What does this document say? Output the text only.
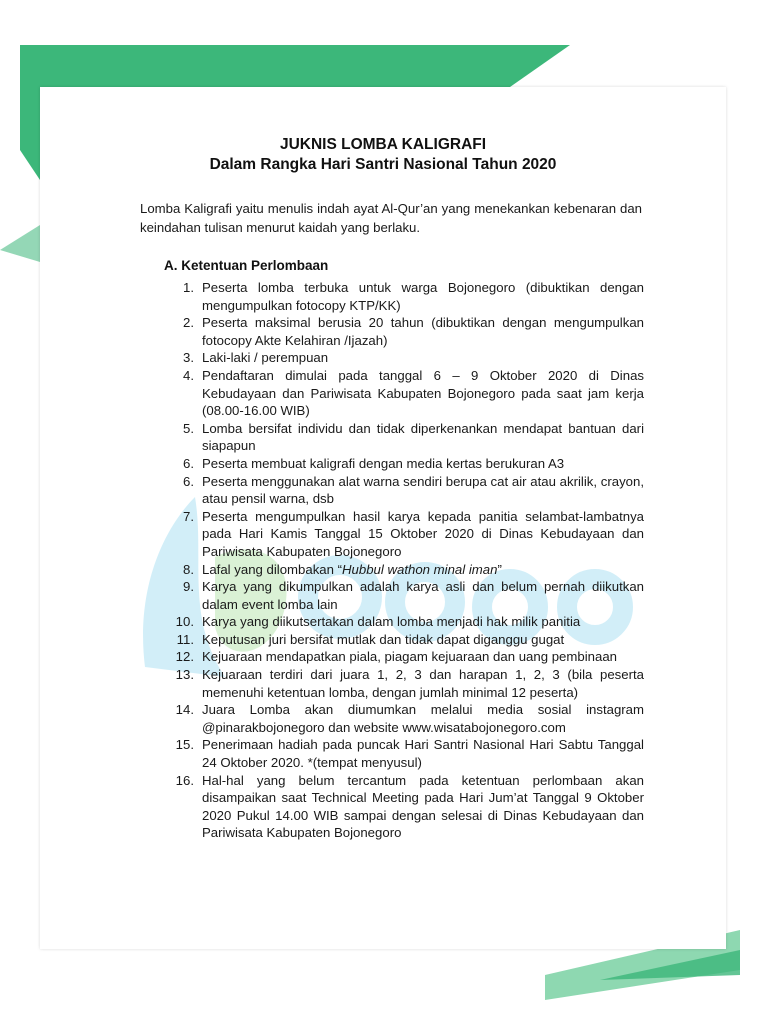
JUKNIS LOMBA KALIGRAFI
Dalam Rangka Hari Santri Nasional Tahun 2020
Lomba Kaligrafi yaitu menulis indah ayat Al-Qur’an yang menekankan kebenaran dan keindahan tulisan menurut kaidah yang berlaku.
A. Ketentuan Perlombaan
1. Peserta lomba terbuka untuk warga Bojonegoro (dibuktikan dengan mengumpulkan fotocopy KTP/KK)
2. Peserta maksimal berusia 20 tahun (dibuktikan dengan mengumpulkan fotocopy Akte Kelahiran /Ijazah)
3. Laki-laki / perempuan
4. Pendaftaran dimulai pada tanggal 6 – 9 Oktober 2020 di Dinas Kebudayaan dan Pariwisata Kabupaten Bojonegoro pada saat jam kerja (08.00-16.00 WIB)
5. Lomba bersifat individu dan tidak diperkenankan mendapat bantuan dari siapapun
6. Peserta membuat kaligrafi dengan media kertas berukuran A3
6. Peserta menggunakan alat warna sendiri berupa cat air atau akrilik, crayon, atau pensil warna, dsb
7. Peserta mengumpulkan hasil karya kepada panitia selambat-lambatnya pada Hari Kamis Tanggal 15 Oktober 2020 di Dinas Kebudayaan dan Pariwisata Kabupaten Bojonegoro
8. Lafal yang dilombakan “Hubbul wathon minal iman”
9. Karya yang dikumpulkan adalah karya asli dan belum pernah diikutkan dalam event lomba lain
10. Karya yang diikutsertakan dalam lomba menjadi hak milik panitia
11. Keputusan juri bersifat mutlak dan tidak dapat diganggu gugat
12. Kejuaraan mendapatkan piala, piagam kejuaraan dan uang pembinaan
13. Kejuaraan terdiri dari juara 1, 2, 3 dan harapan 1, 2, 3 (bila peserta memenuhi ketentuan lomba, dengan jumlah minimal 12 peserta)
14. Juara Lomba akan diumumkan melalui media sosial instagram @pinarakbojonegoro dan website www.wisatabojonegoro.com
15. Penerimaan hadiah pada puncak Hari Santri Nasional Hari Sabtu Tanggal 24 Oktober 2020. *(tempat menyusul)
16. Hal-hal yang belum tercantum pada ketentuan perlombaan akan disampaikan saat Technical Meeting pada Hari Jum’at Tanggal 9 Oktober 2020 Pukul 14.00 WIB sampai dengan selesai di Dinas Kebudayaan dan Pariwisata Kabupaten Bojonegoro
